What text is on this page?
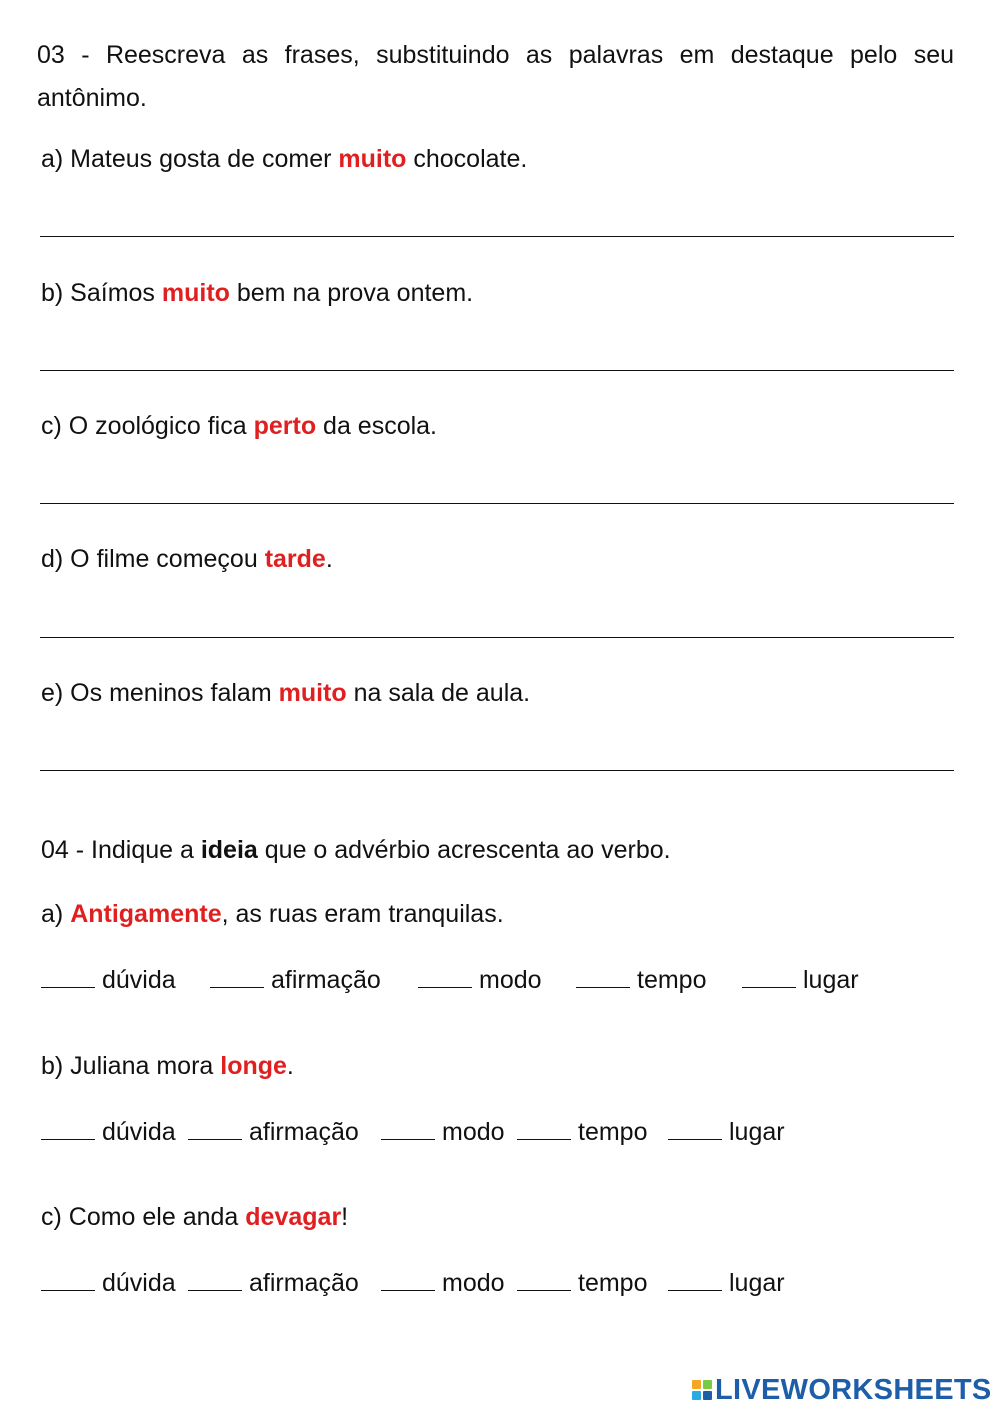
03 - Reescreva as frases, substituindo as palavras em destaque pelo seu antônimo.
a) Mateus gosta de comer muito chocolate.
b) Saímos muito bem na prova ontem.
c) O zoológico fica perto da escola.
d) O filme começou tarde.
e) Os meninos falam muito na sala de aula.
04 - Indique a ideia que o advérbio acrescenta ao verbo.
a) Antigamente, as ruas eram tranquilas.
dúvida	afirmação	modo	tempo	lugar
b) Juliana mora longe.
dúvida	afirmação	modo	tempo	lugar
c) Como ele anda devagar!
dúvida	afirmação	modo	tempo	lugar
LIVEWORKSHEETS
